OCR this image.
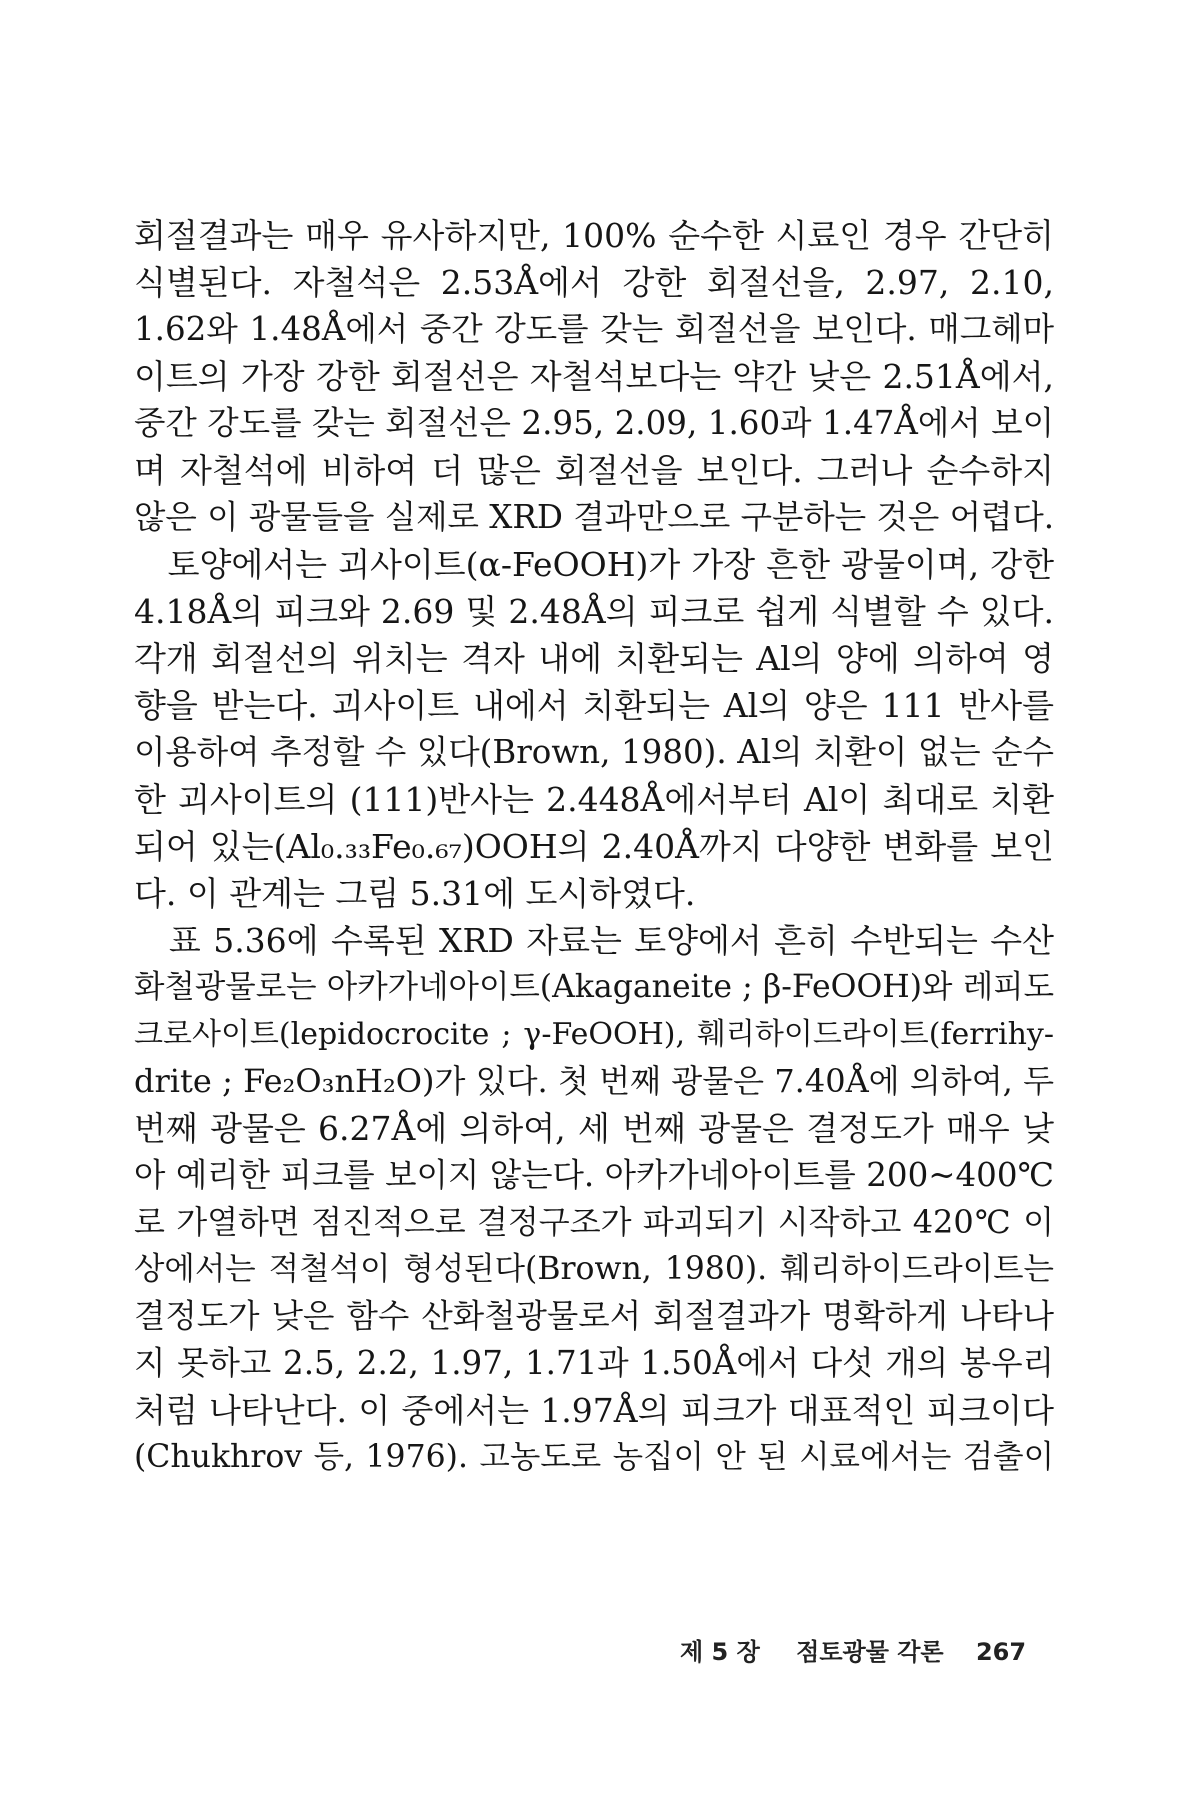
회절결과는 매우 유사하지만, 100% 순수한 시료인 경우 간단히
식별된다. 자철석은 2.53Å에서 강한 회절선을, 2.97, 2.10,
1.62와 1.48Å에서 중간 강도를 갖는 회절선을 보인다. 매그헤마
이트의 가장 강한 회절선은 자철석보다는 약간 낮은 2.51Å에서,
중간 강도를 갖는 회절선은 2.95, 2.09, 1.60과 1.47Å에서 보이
며 자철석에 비하여 더 많은 회절선을 보인다. 그러나 순수하지
않은 이 광물들을 실제로 XRD 결과만으로 구분하는 것은 어렵다.
　토양에서는 괴사이트(α-FeOOH)가 가장 흔한 광물이며, 강한
4.18Å의 피크와 2.69 및 2.48Å의 피크로 쉽게 식별할 수 있다.
각개 회절선의 위치는 격자 내에 치환되는 Al의 양에 의하여 영
향을 받는다. 괴사이트 내에서 치환되는 Al의 양은 111 반사를
이용하여 추정할 수 있다(Brown, 1980). Al의 치환이 없는 순수
한 괴사이트의 (111)반사는 2.448Å에서부터 Al이 최대로 치환
되어 있는(Al₀.₃₃Fe₀.₆₇)OOH의 2.40Å까지 다양한 변화를 보인
다. 이 관계는 그림 5.31에 도시하였다.
　표 5.36에 수록된 XRD 자료는 토양에서 흔히 수반되는 수산
화철광물로는 아카가네아이트(Akaganeite ; β-FeOOH)와 레피도
크로사이트(lepidocrocite ; γ-FeOOH), 훼리하이드라이트(ferrihy-
drite ; Fe₂O₃nH₂O)가 있다. 첫 번째 광물은 7.40Å에 의하여, 두
번째 광물은 6.27Å에 의하여, 세 번째 광물은 결정도가 매우 낮
아 예리한 피크를 보이지 않는다. 아카가네아이트를 200~400℃
로 가열하면 점진적으로 결정구조가 파괴되기 시작하고 420℃ 이
상에서는 적철석이 형성된다(Brown, 1980). 훼리하이드라이트는
결정도가 낮은 함수 산화철광물로서 회절결과가 명확하게 나타나
지 못하고 2.5, 2.2, 1.97, 1.71과 1.50Å에서 다섯 개의 봉우리
처럼 나타난다. 이 중에서는 1.97Å의 피크가 대표적인 피크이다
(Chukhrov 등, 1976). 고농도로 농집이 안 된 시료에서는 검출이
제 5 장 점토광물 각론 267
